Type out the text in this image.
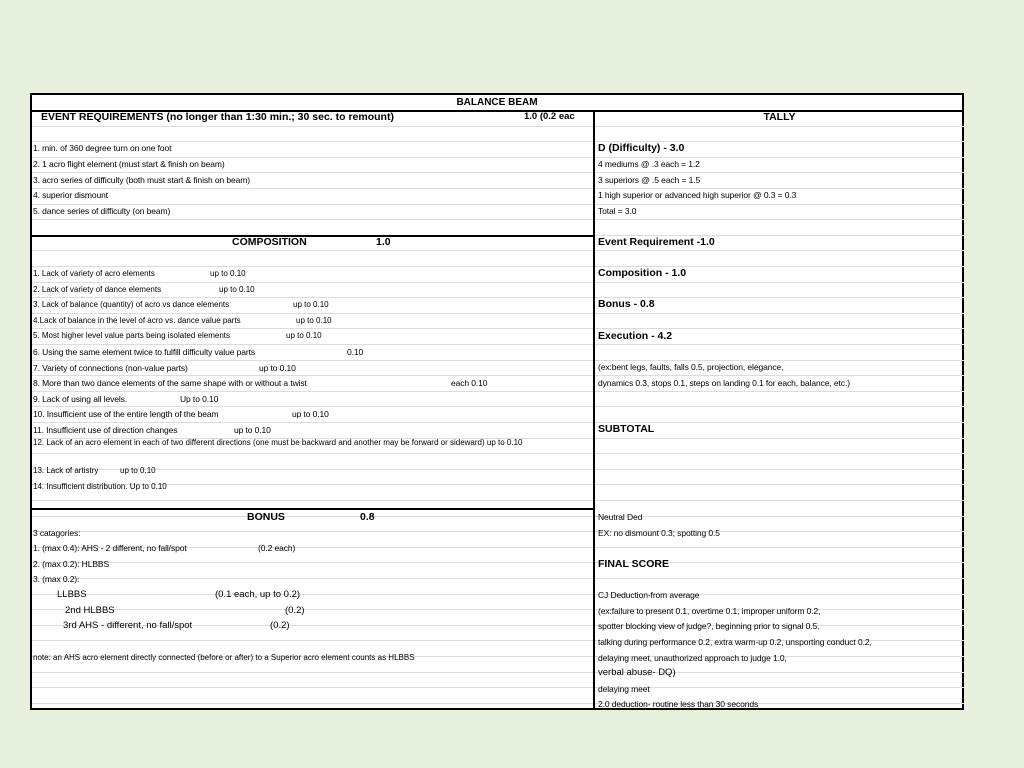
BALANCE BEAM
EVENT REQUIREMENTS (no longer than 1:30 min.; 30 sec. to remount)	1.0 (0.2 eac
1. min. of 360 degree turn on one foot
2. 1 acro flight element (must start & finish on beam)
3. acro series of difficulty (both must start & finish on beam)
4. superior dismount
5. dance series of difficulty (on beam)
COMPOSITION	1.0
1. Lack of variety of acro elements	up to 0.10
2. Lack of variety of dance elements	up to 0.10
3. Lack of balance (quantity) of acro vs dance elements	up to 0.10
4.Lack of balance in the level of acro vs. dance value parts	up to 0.10
5. Most higher level value parts being isolated elements	up to 0.10
6. Using the same element twice to fulfill difficulty value parts	0.10
7. Variety of connections (non-value parts)	up to 0.10
8. More than two dance elements of the same shape with or without a twist	each 0.10
9. Lack of using all levels.	Up to 0.10
10. Insufficient use of the entire length of the beam	up to 0.10
11. Insufficient use of direction changes	up to 0.10
12. Lack of an acro element in each of two different directions (one must be backward and another may be forward or sideward) up to 0.10
13. Lack of artistry	up to 0.10
14. Insufficient distribution. Up to 0.10
BONUS	0.8
3 catagories:
1. (max 0.4): AHS - 2 different, no fall/spot	(0.2 each)
2. (max 0.2): HLBBS
3. (max 0.2):
LLBBS	(0.1 each, up to 0.2)
2nd HLBBS	(0.2)
3rd AHS - different, no fall/spot	(0.2)
note: an AHS acro element directly connected (before or after) to a Superior acro element counts as HLBBS
TALLY
D (Difficulty) - 3.0
4 mediums @ .3 each = 1.2
3 superiors @ .5 each = 1.5
1 high superior or advanced high superior @ 0.3 = 0.3
Total = 3.0
Event Requirement -1.0
Composition - 1.0
Bonus - 0.8
Execution - 4.2
(ex:bent legs, faults, falls 0.5, projection, elegance,
dynamics 0.3, stops 0.1, steps on landing 0.1 for each, balance, etc.)
SUBTOTAL
Neutral Ded
EX: no dismount 0.3; spotting 0.5
FINAL SCORE
CJ Deduction-from average
(ex:failure to present 0.1, overtime 0.1, improper uniform 0.2,
spotter blocking view of judge?, beginning prior to signal 0.5,
talking during performance 0.2, extra warm-up 0.2, unsporting conduct 0.2,
delaying meet, unauthorized approach to judge 1.0,
verbal abuse- DQ)
delaying meet
2.0 deduction- routine less than 30 seconds
